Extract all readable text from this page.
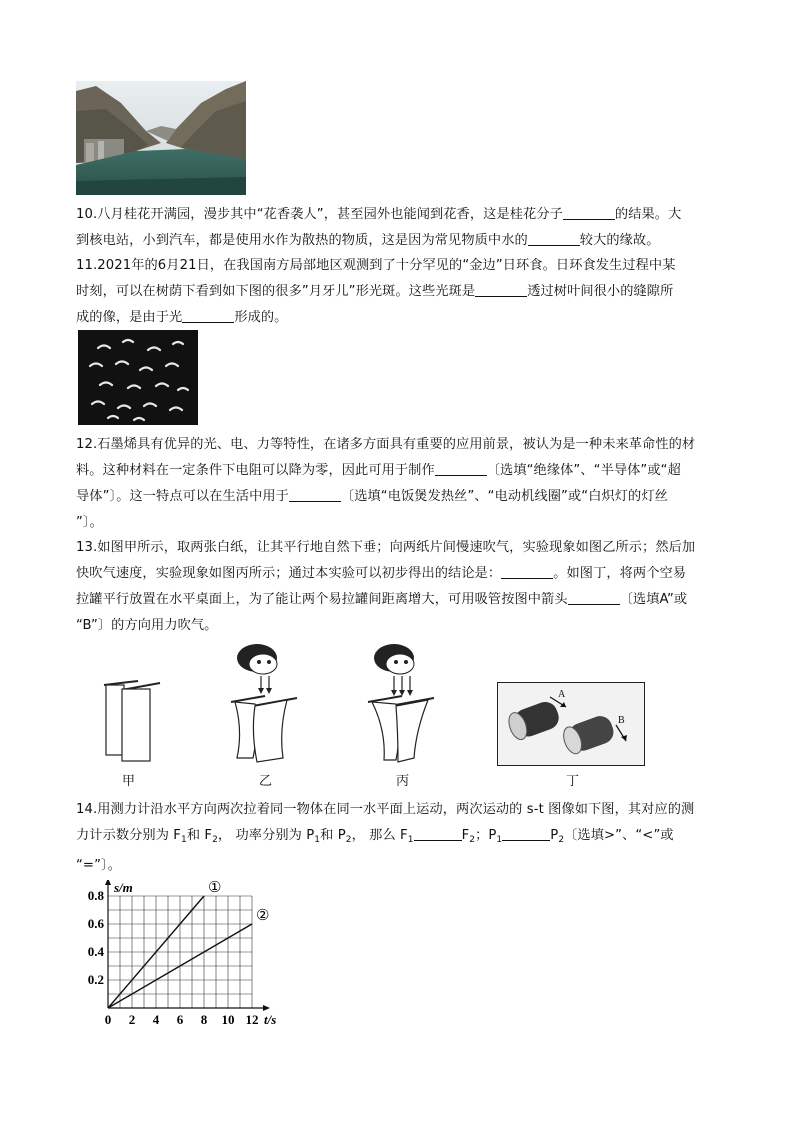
10.八月桂花开满园，漫步其中“花香袭人”，甚至园外也能闻到花香，这是桂花分子	的结果。大

到核电站，小到汽车，都是使用水作为散热的物质，这是因为常见物质中水的	较大的缘故。

11.2021年的6月21日，在我国南方局部地区观测到了十分罕见的“金边”日环食。日环食发生过程中某

时刻，可以在树荫下看到如下图的很多”月牙儿”形光斑。这些光斑是	透过树叶间很小的缝隙所

成的像，是由于光	形成的。

12.石墨烯具有优异的光、电、力等特性，在诸多方面具有重要的应用前景，被认为是一种未来革命性的材

料。这种材料在一定条件下电阻可以降为零，因此可用于制作	〔选填“绝缘体”、“半导体”或“超

导体”〕。这一特点可以在生活中用于	〔选填“电饭煲发热丝”、“电动机线圈”或“白炽灯的灯丝

”〕。

13.如图甲所示，取两张白纸，让其平行地自然下垂；向两纸片间慢速吹气，实验现象如图乙所示；然后加

快吹气速度，实验现象如图丙所示；通过本实验可以初步得出的结论是：	。如图丁，将两个空易

拉罐平行放置在水平桌面上，为了能让两个易拉罐间距离增大，可用吸管按图中箭头	〔选填A”或

“B”〕的方向用力吹气。

甲	乙	丙
A
B
丁

14.用测力计沿水平方向两次拉着同一物体在同一水平面上运动，两次运动的 s-t 图像如下图，其对应的测

力计示数分别为 $F_1$和 $F_2$， 功率分别为 $P_1$和 $P_2$， 那么 $F_1$	$F_2$；$P_1$	$P_2$〔选填>”、“<”或

“=”〕。

0 2 4 6 8 10 12
0.2
0.4
0.6
0.8
t/s
s/m	①
②
